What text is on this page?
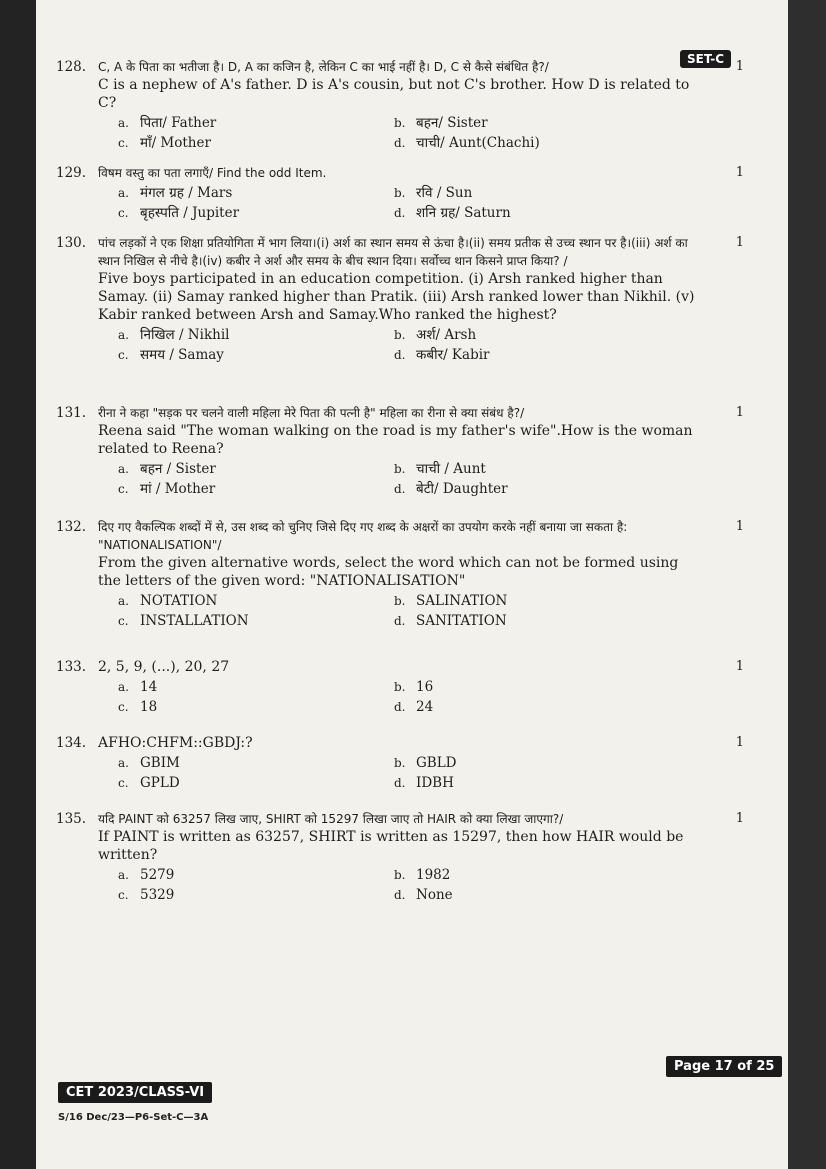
SET-C
128.	1
C, A के पिता का भतीजा है। D, A का कजिन है, लेकिन C का भाई नहीं है। D, C से कैसे संबंधित है?/
C is a nephew of A's father. D is A's cousin, but not C's brother. How D is related to C?
a. पिता/ Father	b. बहन/ Sister
c. माँ/ Mother	d. चाची/ Aunt(Chachi)
129.	1
विषम वस्तु का पता लगाएँ/ Find the odd Item.
a. मंगल ग्रह / Mars	b. रवि / Sun
c. बृहस्पति / Jupiter	d. शनि ग्रह/ Saturn
130.	1
पांच लड़कों ने एक शिक्षा प्रतियोगिता में भाग लिया।(i) अर्श का स्थान समय से ऊंचा है।(ii) समय प्रतीक से उच्च स्थान पर है।(iii) अर्श का स्थान निखिल से नीचे है।(iv) कबीर ने अर्श और समय के बीच स्थान दिया। सर्वोच्च थान किसने प्राप्त किया? /
Five boys participated in an education competition. (i) Arsh ranked higher than Samay. (ii) Samay ranked higher than Pratik. (iii) Arsh ranked lower than Nikhil. (v) Kabir ranked between Arsh and Samay.Who ranked the highest?
a. निखिल / Nikhil	b. अर्श/ Arsh
c. समय / Samay	d. कबीर/ Kabir
131.	1
रीना ने कहा "सड़क पर चलने वाली महिला मेरे पिता की पत्नी है" महिला का रीना से क्या संबंध है?/
Reena said "The woman walking on the road is my father's wife".How is the woman related to Reena?
a. बहन / Sister	b. चाची / Aunt
c. मां / Mother	d. बेटी/ Daughter
132.	1
दिए गए वैकल्पिक शब्दों में से, उस शब्द को चुनिए जिसे दिए गए शब्द के अक्षरों का उपयोग करके नहीं बनाया जा सकता है: "NATIONALISATION"/
From the given alternative words, select the word which can not be formed using the letters of the given word: "NATIONALISATION"
a. NOTATION	b. SALINATION
c. INSTALLATION	d. SANITATION
133.	1
2, 5, 9, (...), 20, 27
a. 14	b. 16
c. 18	d. 24
134.	1
AFHO:CHFM::GBDJ:?
a. GBIM	b. GBLD
c. GPLD	d. IDBH
135.	1
यदि PAINT को 63257 लिख जाए, SHIRT को 15297 लिखा जाए तो HAIR को क्या लिखा जाएगा?/
If PAINT is written as 63257, SHIRT is written as 15297, then how HAIR would be written?
a. 5279	b. 1982
c. 5329	d. None
Page 17 of 25
CET 2023/CLASS-VI
S/16 Dec/23—P6-Set-C—3A
